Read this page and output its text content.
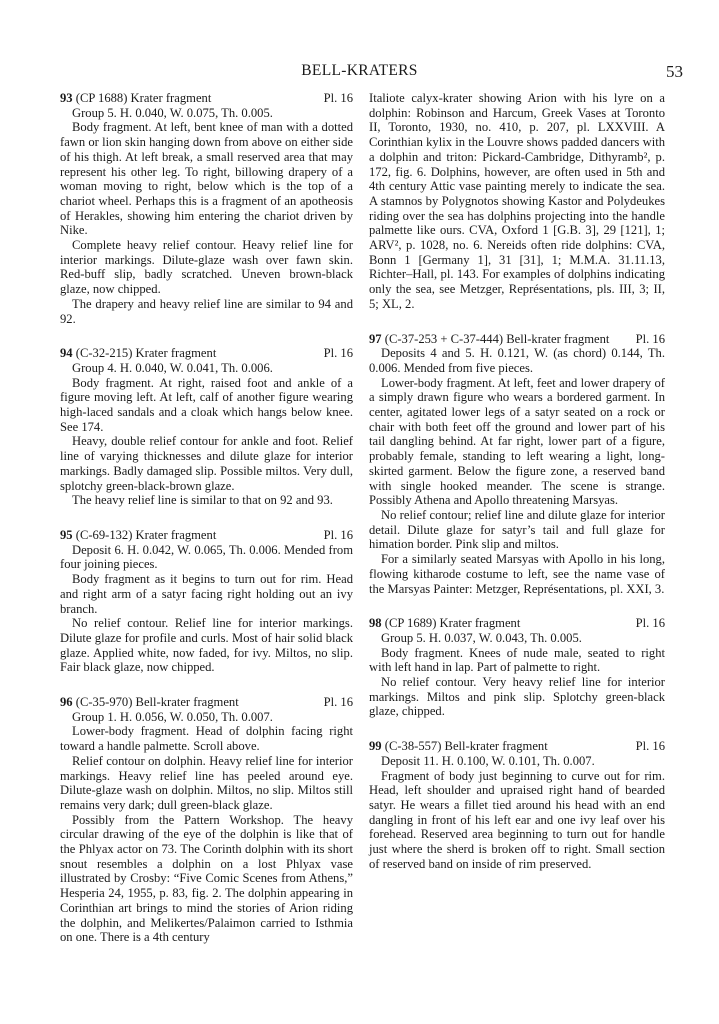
BELL-KRATERS	53

93 (CP 1688) Krater fragment	Pl. 16

Group 5. H. 0.040, W. 0.075, Th. 0.005.

Body fragment. At left, bent knee of man with a dotted fawn or lion skin hanging down from above on either side of his thigh. At left break, a small reserved area that may represent his other leg. To right, billowing drapery of a woman moving to right, below which is the top of a chariot wheel. Perhaps this is a fragment of an apotheosis of Herakles, showing him entering the chariot driven by Nike.

Complete heavy relief contour. Heavy relief line for interior markings. Dilute-glaze wash over fawn skin. Red-buff slip, badly scratched. Uneven brown-black glaze, now chipped.

The drapery and heavy relief line are similar to 94 and 92.

94 (C-32-215) Krater fragment	Pl. 16

Group 4. H. 0.040, W. 0.041, Th. 0.006.

Body fragment. At right, raised foot and ankle of a figure moving left. At left, calf of another figure wearing high-laced sandals and a cloak which hangs below knee. See 174.

Heavy, double relief contour for ankle and foot. Relief line of varying thicknesses and dilute glaze for interior markings. Badly damaged slip. Possible miltos. Very dull, splotchy green-black-brown glaze.

The heavy relief line is similar to that on 92 and 93.

95 (C-69-132) Krater fragment	Pl. 16

Deposit 6. H. 0.042, W. 0.065, Th. 0.006. Mended from four joining pieces.

Body fragment as it begins to turn out for rim. Head and right arm of a satyr facing right holding out an ivy branch.

No relief contour. Relief line for interior markings. Dilute glaze for profile and curls. Most of hair solid black glaze. Applied white, now faded, for ivy. Miltos, no slip. Fair black glaze, now chipped.

96 (C-35-970) Bell-krater fragment	Pl. 16

Group 1. H. 0.056, W. 0.050, Th. 0.007.

Lower-body fragment. Head of dolphin facing right toward a handle palmette. Scroll above.

Relief contour on dolphin. Heavy relief line for interior markings. Heavy relief line has peeled around eye. Dilute-glaze wash on dolphin. Miltos, no slip. Miltos still remains very dark; dull green-black glaze.

Possibly from the Pattern Workshop. The heavy circular drawing of the eye of the dolphin is like that of the Phlyax actor on 73. The Corinth dolphin with its short snout resembles a dolphin on a lost Phlyax vase illustrated by Crosby: “Five Comic Scenes from Athens,” Hesperia 24, 1955, p. 83, fig. 2. The dolphin appearing in Corinthian art brings to mind the stories of Arion riding the dolphin, and Melikertes/Palaimon carried to Isthmia on one. There is a 4th century

Italiote calyx-krater showing Arion with his lyre on a dolphin: Robinson and Harcum, Greek Vases at Toronto II, Toronto, 1930, no. 410, p. 207, pl. LXXVIII. A Corinthian kylix in the Louvre shows padded dancers with a dolphin and triton: Pickard-Cambridge, Dithyramb², p. 172, fig. 6. Dolphins, however, are often used in 5th and 4th century Attic vase painting merely to indicate the sea. A stamnos by Polygnotos showing Kastor and Polydeukes riding over the sea has dolphins projecting into the handle palmette like ours. CVA, Oxford 1 [G.B. 3], 29 [121], 1; ARV², p. 1028, no. 6. Nereids often ride dolphins: CVA, Bonn 1 [Germany 1], 31 [31], 1; M.M.A. 31.11.13, Richter–Hall, pl. 143. For examples of dolphins indicating only the sea, see Metzger, Représentations, pls. III, 3; II, 5; XL, 2.

97 (C-37-253 + C-37-444) Bell-krater fragment Pl. 16

Deposits 4 and 5. H. 0.121, W. (as chord) 0.144, Th. 0.006. Mended from five pieces.

Lower-body fragment. At left, feet and lower drapery of a simply drawn figure who wears a bordered garment. In center, agitated lower legs of a satyr seated on a rock or chair with both feet off the ground and lower part of his tail dangling behind. At far right, lower part of a figure, probably female, standing to left wearing a light, long-skirted garment. Below the figure zone, a reserved band with single hooked meander. The scene is strange. Possibly Athena and Apollo threatening Marsyas.

No relief contour; relief line and dilute glaze for interior detail. Dilute glaze for satyr’s tail and full glaze for himation border. Pink slip and miltos.

For a similarly seated Marsyas with Apollo in his long, flowing kitharode costume to left, see the name vase of the Marsyas Painter: Metzger, Représentations, pl. XXI, 3.

98 (CP 1689) Krater fragment	Pl. 16

Group 5. H. 0.037, W. 0.043, Th. 0.005.

Body fragment. Knees of nude male, seated to right with left hand in lap. Part of palmette to right.

No relief contour. Very heavy relief line for interior markings. Miltos and pink slip. Splotchy green-black glaze, chipped.

99 (C-38-557) Bell-krater fragment	Pl. 16

Deposit 11. H. 0.100, W. 0.101, Th. 0.007.

Fragment of body just beginning to curve out for rim. Head, left shoulder and upraised right hand of bearded satyr. He wears a fillet tied around his head with an end dangling in front of his left ear and one ivy leaf over his forehead. Reserved area beginning to turn out for handle just where the sherd is broken off to right. Small section of reserved band on inside of rim preserved.
